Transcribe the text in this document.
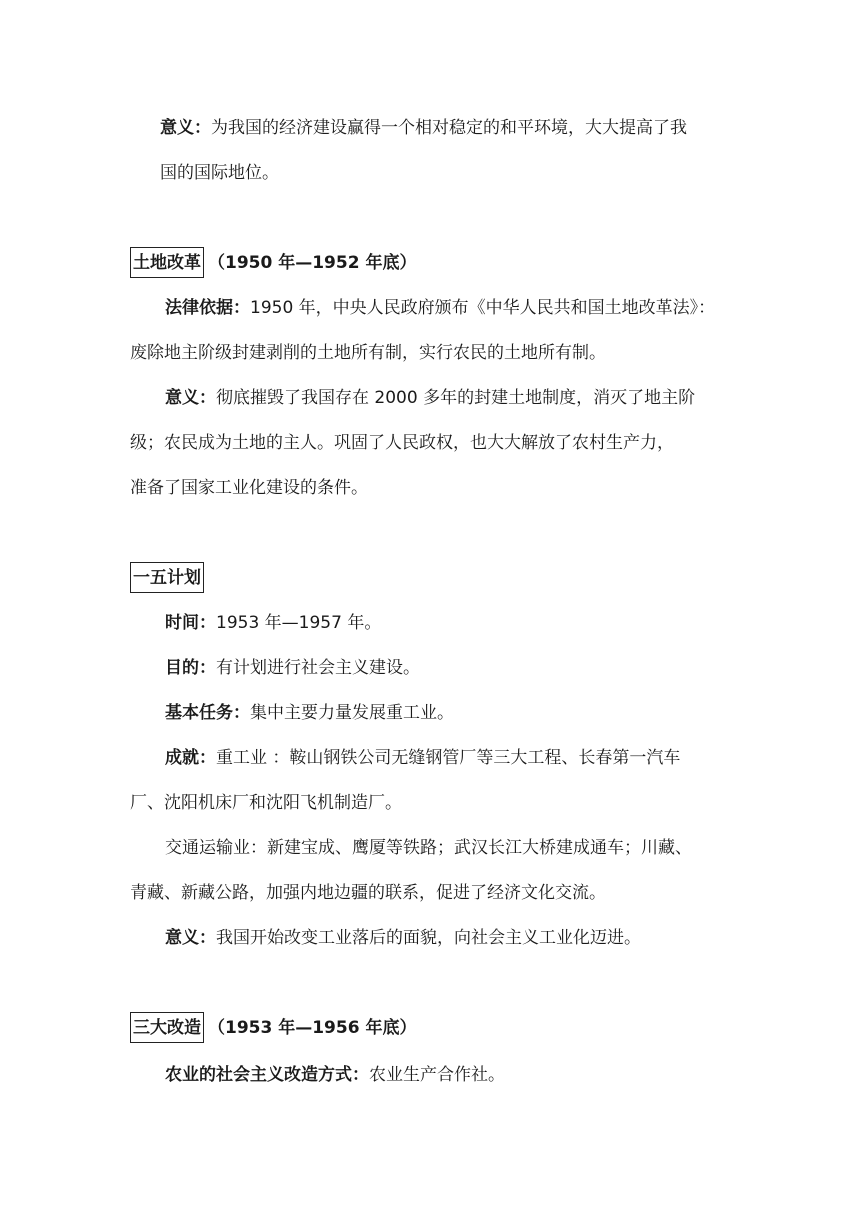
意义：为我国的经济建设赢得一个相对稳定的和平环境，大大提高了我
国的国际地位。
土地改革 （1950 年—1952 年底）
法律依据：1950 年，中央人民政府颁布《中华人民共和国土地改革法》：
废除地主阶级封建剥削的土地所有制，实行农民的土地所有制。
意义：彻底摧毁了我国存在 2000 多年的封建土地制度，消灭了地主阶
级；农民成为土地的主人。巩固了人民政权，也大大解放了农村生产力，
准备了国家工业化建设的条件。
一五计划
时间：1953 年—1957 年。
目的：有计划进行社会主义建设。
基本任务：集中主要力量发展重工业。
成就：重工业 ：鞍山钢铁公司无缝钢管厂等三大工程、长春第一汽车
厂、沈阳机床厂和沈阳飞机制造厂。
交通运输业：新建宝成、鹰厦等铁路；武汉长江大桥建成通车；川藏、
青藏、新藏公路，加强内地边疆的联系，促进了经济文化交流。
意义：我国开始改变工业落后的面貌，向社会主义工业化迈进。
三大改造 （1953 年—1956 年底）
农业的社会主义改造方式：农业生产合作社。
